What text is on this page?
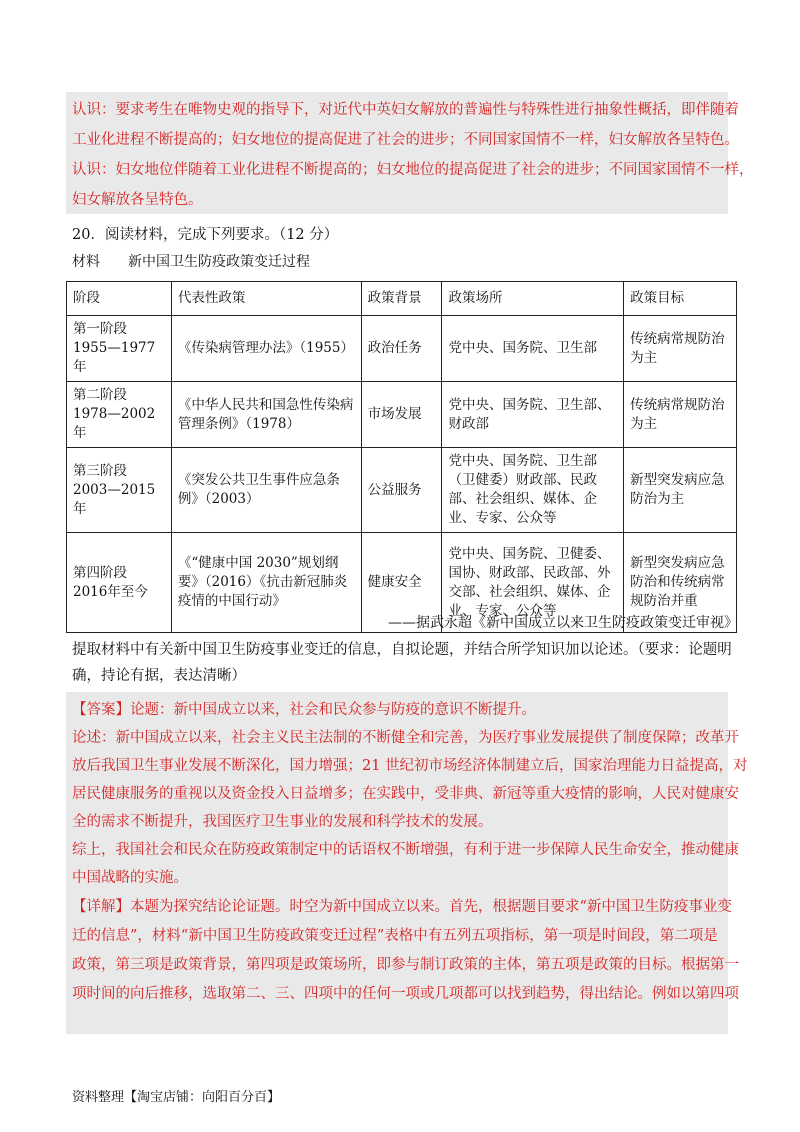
认识：要求考生在唯物史观的指导下，对近代中英妇女解放的普遍性与特殊性进行抽象性概括，即伴随着
工业化进程不断提高的；妇女地位的提高促进了社会的进步；不同国家国情不一样，妇女解放各呈特色。
认识：妇女地位伴随着工业化进程不断提高的；妇女地位的提高促进了社会的进步；不同国家国情不一样，
妇女解放各呈特色。
20．阅读材料，完成下列要求。（12 分）
材料　　新中国卫生防疫政策变迁过程
阶段	代表性政策	政策背景	政策场所	政策目标
第一阶段 1955—1977 年	《传染病管理办法》（1955）	政治任务	党中央、国务院、卫生部	传统病常规防治为主
第二阶段 1978—2002 年	《中华人民共和国急性传染病管理条例》（1978）	市场发展	党中央、国务院、卫生部、财政部	传统病常规防治为主
第三阶段 2003—2015 年	《突发公共卫生事件应急条例》（2003）	公益服务	党中央、国务院、卫生部（卫健委）财政部、民政部、社会组织、媒体、企业、专家、公众等	新型突发病应急防治为主
第四阶段 2016年至今	《“健康中国 2030”规划纲要》（2016）《抗击新冠肺炎疫情的中国行动》	健康安全	党中央、国务院、卫健委、国协、财政部、民政部、外交部、社会组织、媒体、企业、专家、公众等	新型突发病应急防治和传统病常规防治并重
——据武永超《新中国成立以来卫生防疫政策变迁审视》
提取材料中有关新中国卫生防疫事业变迁的信息，自拟论题，并结合所学知识加以论述。（要求：论题明
确，持论有据，表达清晰）
【答案】论题：新中国成立以来，社会和民众参与防疫的意识不断提升。
论述：新中国成立以来，社会主义民主法制的不断健全和完善，为医疗事业发展提供了制度保障；改革开
放后我国卫生事业发展不断深化，国力增强；21 世纪初市场经济体制建立后，国家治理能力日益提高，对
居民健康服务的重视以及资金投入日益增多；在实践中，受非典、新冠等重大疫情的影响，人民对健康安
全的需求不断提升，我国医疗卫生事业的发展和科学技术的发展。
综上，我国社会和民众在防疫政策制定中的话语权不断增强，有利于进一步保障人民生命安全，推动健康
中国战略的实施。
【详解】本题为探究结论论证题。时空为新中国成立以来。首先，根据题目要求“新中国卫生防疫事业变
迁的信息”，材料“新中国卫生防疫政策变迁过程”表格中有五列五项指标，第一项是时间段，第二项是
政策，第三项是政策背景，第四项是政策场所，即参与制订政策的主体，第五项是政策的目标。根据第一
项时间的向后推移，选取第二、三、四项中的任何一项或几项都可以找到趋势，得出结论。例如以第四项
资料整理【淘宝店铺：向阳百分百】
